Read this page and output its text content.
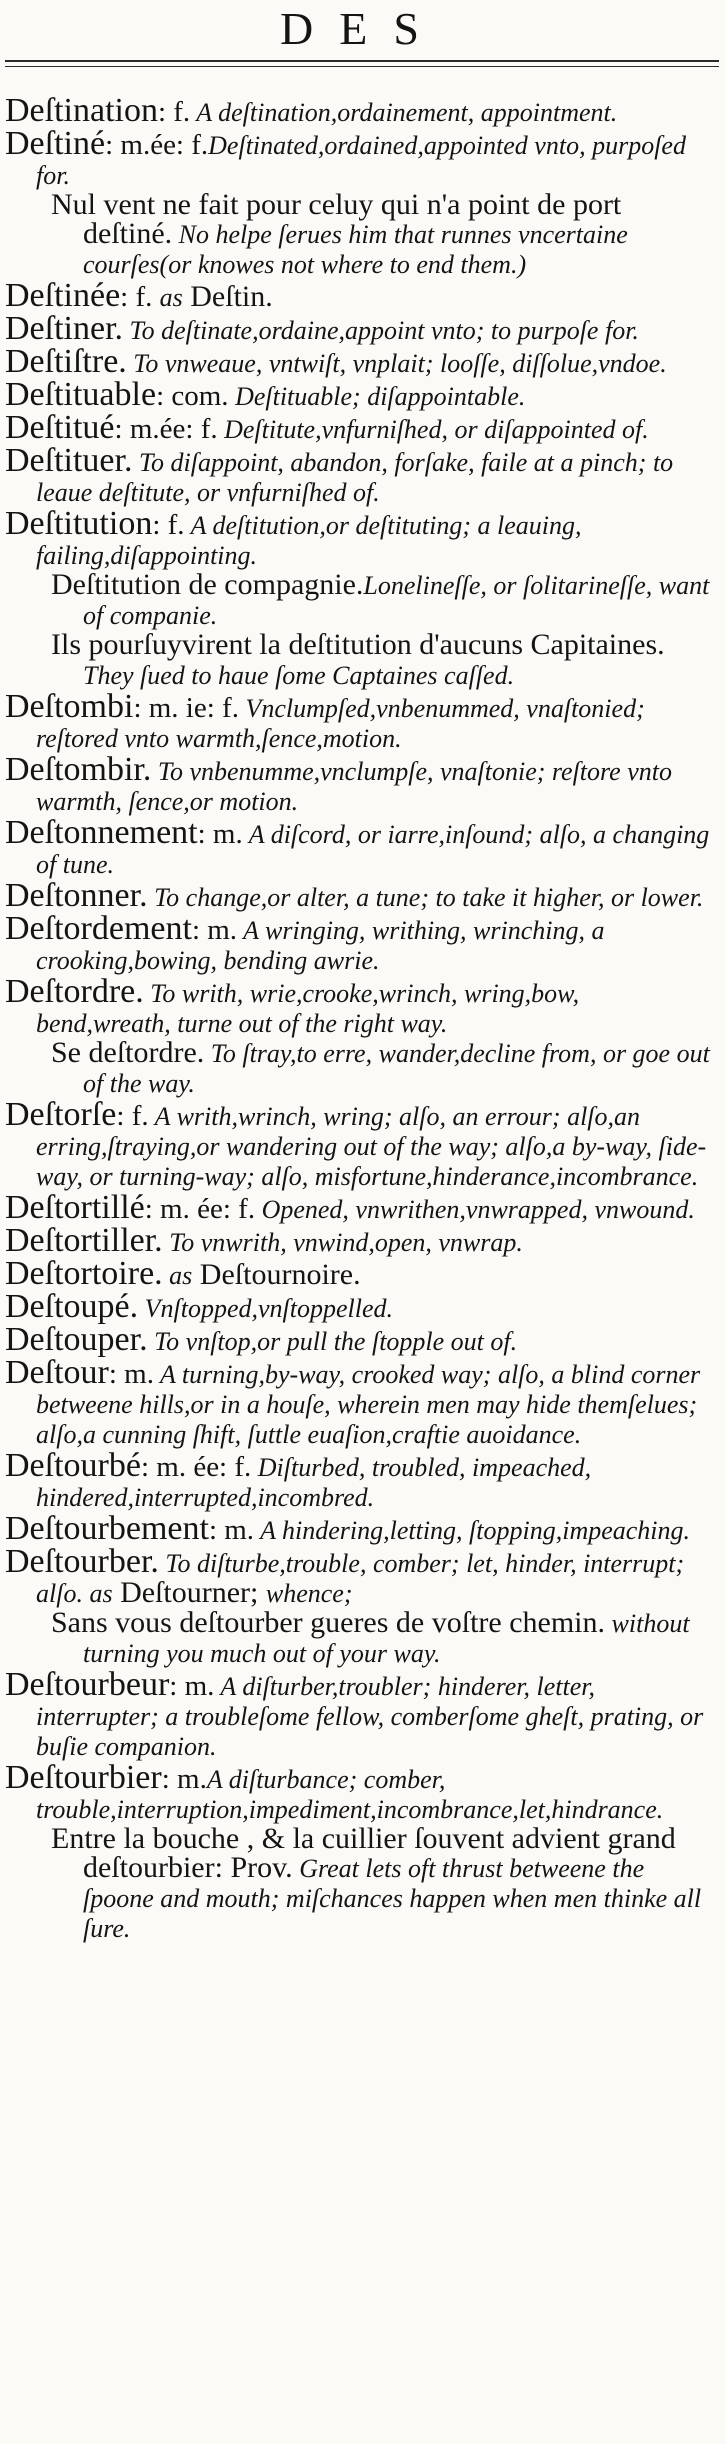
DES

Deſtination: f. A deſtination,ordainement, appointment.

Deſtiné: m.ée: f.Deſtinated,ordained,appointed vnto, purpoſed for.

Nul vent ne fait pour celuy qui n'a point de port deſtiné. No helpe ſerues him that runnes vncertaine courſes(or knowes not where to end them.)

Deſtinée: f. as Deſtin.

Deſtiner. To deſtinate,ordaine,appoint vnto; to purpoſe for.

Deſtiſtre. To vnweaue, vntwiſt, vnplait; looſſe, diſſolue,vndoe.

Deſtituable: com. Deſtituable; diſappointable.

Deſtitué: m.ée: f. Deſtitute,vnfurniſhed, or diſappointed of.

Deſtituer. To diſappoint, abandon, forſake, faile at a pinch; to leaue deſtitute, or vnfurniſhed of.

Deſtitution: f. A deſtitution,or deſtituting; a leauing, failing,diſappointing.

Deſtitution de compagnie.Lonelineſſe, or ſolitarineſſe, want of companie.

Ils pourſuyvirent la deſtitution d'aucuns Capitaines. They ſued to haue ſome Captaines caſſed.

Deſtombi: m. ie: f. Vnclumpſed,vnbenummed, vnaſtonied; reſtored vnto warmth,ſence,motion.

Deſtombir. To vnbenumme,vnclumpſe, vnaſtonie; reſtore vnto warmth, ſence,or motion.

Deſtonnement: m. A diſcord, or iarre,inſound; alſo, a changing of tune.

Deſtonner. To change,or alter, a tune; to take it higher, or lower.

Deſtordement: m. A wringing, writhing, wrinching, a crooking,bowing, bending awrie.

Deſtordre. To writh, wrie,crooke,wrinch, wring,bow, bend,wreath, turne out of the right way.

Se deſtordre. To ſtray,to erre, wander,decline from, or goe out of the way.

Deſtorſe: f. A writh,wrinch, wring; alſo, an errour; alſo,an erring,ſtraying,or wandering out of the way; alſo,a by-way, ſide-way, or turning-way; alſo, misfortune,hinderance,incombrance.

Deſtortillé: m. ée: f. Opened, vnwrithen,vnwrapped, vnwound.

Deſtortiller. To vnwrith, vnwind,open, vnwrap.

Deſtortoire. as Deſtournoire.

Deſtoupé. Vnſtopped,vnſtoppelled.

Deſtouper. To vnſtop,or pull the ſtopple out of.

Deſtour: m. A turning,by-way, crooked way; alſo, a blind corner betweene hills,or in a houſe, wherein men may hide themſelues; alſo,a cunning ſhift, ſuttle euaſion,craftie auoidance.

Deſtourbé: m. ée: f. Diſturbed, troubled, impeached, hindered,interrupted,incombred.

Deſtourbement: m. A hindering,letting, ſtopping,impeaching.

Deſtourber. To diſturbe,trouble, comber; let, hinder, interrupt; alſo. as Deſtourner; whence;

Sans vous deſtourber gueres de voſtre chemin. without turning you much out of your way.

Deſtourbeur: m. A diſturber,troubler; hinderer, letter, interrupter; a troubleſome fellow, comberſome gheſt, prating, or buſie companion.

Deſtourbier: m.A diſturbance; comber, trouble,interruption,impediment,incombrance,let,hindrance.

Entre la bouche , & la cuillier ſouvent advient grand deſtourbier: Prov. Great lets oft thrust betweene the ſpoone and mouth; miſchances happen when men thinke all ſure.
